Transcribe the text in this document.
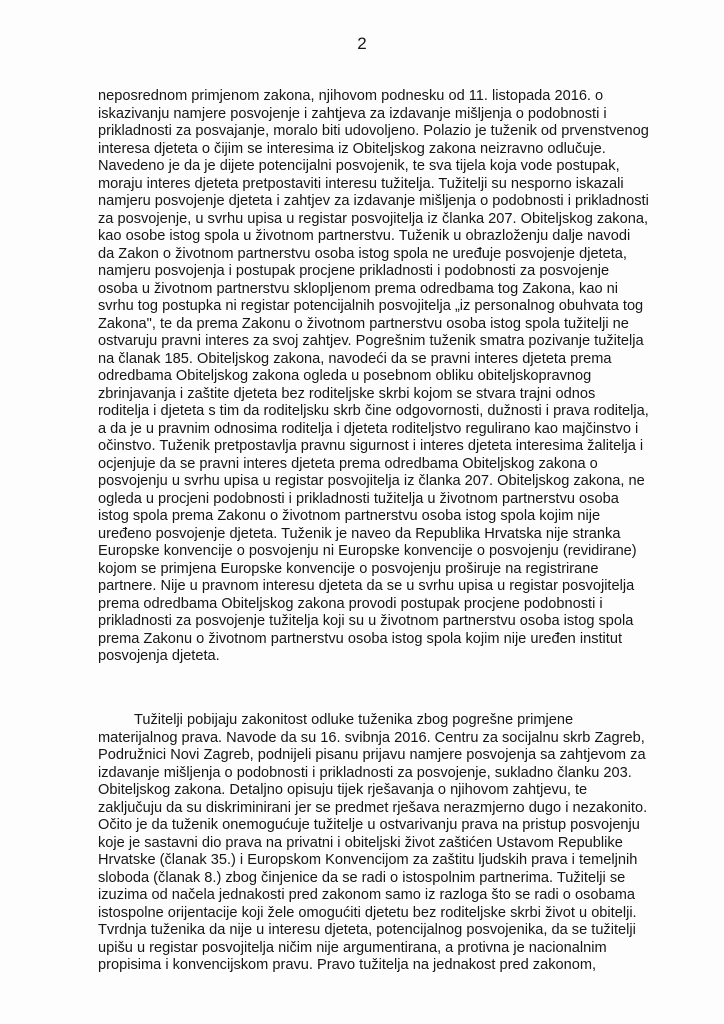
2
neposrednom primjenom zakona, njihovom podnesku od 11. listopada 2016. o
iskazivanju namjere posvojenje i zahtjeva za izdavanje mišljenja o podobnosti i
prikladnosti za posvajanje, moralo biti udovoljeno. Polazio je tuženik od prvenstvenog
interesa djeteta o čijim se interesima iz Obiteljskog zakona neizravno odlučuje.
Navedeno je da je dijete potencijalni posvojenik, te sva tijela koja vode postupak,
moraju interes djeteta pretpostaviti interesu tužitelja. Tužitelji su nesporno iskazali
namjeru posvojenje djeteta i zahtjev za izdavanje mišljenja o podobnosti i prikladnosti
za posvojenje, u svrhu upisa u registar posvojitelja iz članka 207. Obiteljskog zakona,
kao osobe istog spola u životnom partnerstvu. Tuženik u obrazloženju dalje navodi
da Zakon o životnom partnerstvu osoba istog spola ne uređuje posvojenje djeteta,
namjeru posvojenja i postupak procjene prikladnosti i podobnosti za posvojenje
osoba u životnom partnerstvu sklopljenom prema odredbama tog Zakona, kao ni
svrhu tog postupka ni registar potencijalnih posvojitelja „iz personalnog obuhvata tog
Zakona", te da prema Zakonu o životnom partnerstvu osoba istog spola tužitelji ne
ostvaruju pravni interes za svoj zahtjev. Pogrešnim tuženik smatra pozivanje tužitelja
na članak 185. Obiteljskog zakona, navodeći da se pravni interes djeteta prema
odredbama Obiteljskog zakona ogleda u posebnom obliku obiteljskopravnog
zbrinjavanja i zaštite djeteta bez roditeljske skrbi kojom se stvara trajni odnos
roditelja i djeteta s tim da roditeljsku skrb čine odgovornosti, dužnosti i prava roditelja,
a da je u pravnim odnosima roditelja i djeteta roditeljstvo regulirano kao majčinstvo i
očinstvo. Tuženik pretpostavlja pravnu sigurnost i interes djeteta interesima žalitelja i
ocjenjuje da se pravni interes djeteta prema odredbama Obiteljskog zakona o
posvojenju u svrhu upisa u registar posvojitelja iz članka 207. Obiteljskog zakona, ne
ogleda u procjeni podobnosti i prikladnosti tužitelja u životnom partnerstvu osoba
istog spola prema Zakonu o životnom partnerstvu osoba istog spola kojim nije
uređeno posvojenje djeteta. Tuženik je naveo da Republika Hrvatska nije stranka
Europske konvencije o posvojenju ni Europske konvencije o posvojenju (revidirane)
kojom se primjena Europske konvencije o posvojenju proširuje na registrirane
partnere. Nije u pravnom interesu djeteta da se u svrhu upisa u registar posvojitelja
prema odredbama Obiteljskog zakona provodi postupak procjene podobnosti i
prikladnosti za posvojenje tužitelja koji su u životnom partnerstvu osoba istog spola
prema Zakonu o životnom partnerstvu osoba istog spola kojim nije uređen institut
posvojenja djeteta.
Tužitelji pobijaju zakonitost odluke tuženika zbog pogrešne primjene
materijalnog prava. Navode da su 16. svibnja 2016. Centru za socijalnu skrb Zagreb,
Podružnici Novi Zagreb, podnijeli pisanu prijavu namjere posvojenja sa zahtjevom za
izdavanje mišljenja o podobnosti i prikladnosti za posvojenje, sukladno članku 203.
Obiteljskog zakona. Detaljno opisuju tijek rješavanja o njihovom zahtjevu, te
zaključuju da su diskriminirani jer se predmet rješava nerazmjerno dugo i nezakonito.
Očito je da tuženik onemogućuje tužitelje u ostvarivanju prava na pristup posvojenju
koje je sastavni dio prava na privatni i obiteljski život zaštićen Ustavom Republike
Hrvatske (članak 35.) i Europskom Konvencijom za zaštitu ljudskih prava i temeljnih
sloboda (članak 8.) zbog činjenice da se radi o istospolnim partnerima. Tužitelji se
izuzima od načela jednakosti pred zakonom samo iz razloga što se radi o osobama
istospolne orijentacije koji žele omogućiti djetetu bez roditeljske skrbi život u obitelji.
Tvrdnja tuženika da nije u interesu djeteta, potencijalnog posvojenika, da se tužitelji
upišu u registar posvojitelja ničim nije argumentirana, a protivna je nacionalnim
propisima i konvencijskom pravu. Pravo tužitelja na jednakost pred zakonom,
